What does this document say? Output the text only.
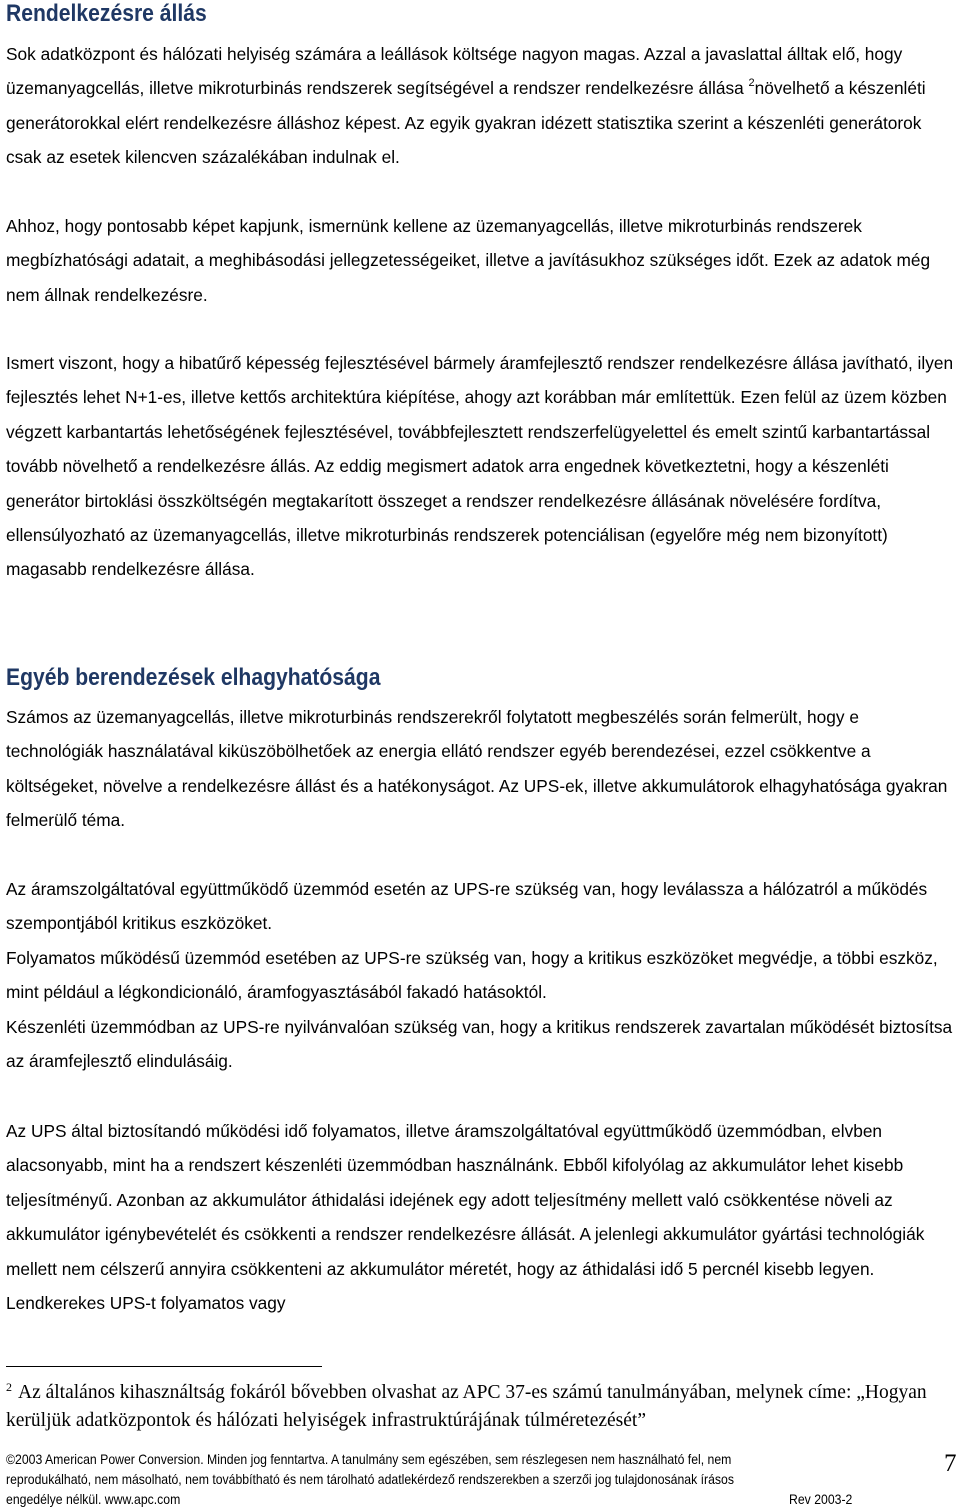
Rendelkezésre állás

Sok adatközpont és hálózati helyiség számára a leállások költsége nagyon magas. Azzal a javaslattal álltak elő, hogy üzemanyagcellás, illetve mikroturbinás rendszerek segítségével a rendszer rendelkezésre állása $^2$növelhető a készenléti generátorokkal elért rendelkezésre álláshoz képest. Az egyik gyakran idézett statisztika szerint a készenléti generátorok csak az esetek kilencven százalékában indulnak el.

Ahhoz, hogy pontosabb képet kapjunk, ismernünk kellene az üzemanyagcellás, illetve mikroturbinás rendszerek megbízhatósági adatait, a meghibásodási jellegzetességeiket, illetve a javításukhoz szükséges időt. Ezek az adatok még nem állnak rendelkezésre.

Ismert viszont, hogy a hibatűrő képesség fejlesztésével bármely áramfejlesztő rendszer rendelkezésre állása javítható, ilyen fejlesztés lehet N+1-es, illetve kettős architektúra kiépítése, ahogy azt korábban már említettük. Ezen felül az üzem közben végzett karbantartás lehetőségének fejlesztésével, továbbfejlesztett rendszerfelügyelettel és emelt szintű karbantartással tovább növelhető a rendelkezésre állás. Az eddig megismert adatok arra engednek következtetni, hogy a készenléti generátor birtoklási összköltségén megtakarított összeget a rendszer rendelkezésre állásának növelésére fordítva, ellensúlyozható az üzemanyagcellás, illetve mikroturbinás rendszerek potenciálisan (egyelőre még nem bizonyított) magasabb rendelkezésre állása.

Egyéb berendezések elhagyhatósága

Számos az üzemanyagcellás, illetve mikroturbinás rendszerekről folytatott megbeszélés során felmerült, hogy e technológiák használatával kiküszöbölhetőek az energia ellátó rendszer egyéb berendezései, ezzel csökkentve a költségeket, növelve a rendelkezésre állást és a hatékonyságot. Az UPS-ek, illetve akkumulátorok elhagyhatósága gyakran felmerülő téma.

Az áramszolgáltatóval együttműködő üzemmód esetén az UPS-re szükség van, hogy leválassza a hálózatról a működés szempontjából kritikus eszközöket.

Folyamatos működésű üzemmód esetében az UPS-re szükség van, hogy a kritikus eszközöket megvédje, a többi eszköz, mint például a légkondicionáló, áramfogyasztásából fakadó hatásoktól.

Készenléti üzemmódban az UPS-re nyilvánvalóan szükség van, hogy a kritikus rendszerek zavartalan működését biztosítsa az áramfejlesztő elindulásáig.

Az UPS által biztosítandó működési idő folyamatos, illetve áramszolgáltatóval együttműködő üzemmódban, elvben alacsonyabb, mint ha a rendszert készenléti üzemmódban használnánk. Ebből kifolyólag az akkumulátor lehet kisebb teljesítményű. Azonban az akkumulátor áthidalási idejének egy adott teljesítmény mellett való csökkentése növeli az akkumulátor igénybevételét és csökkenti a rendszer rendelkezésre állását. A jelenlegi akkumulátor gyártási technológiák mellett nem célszerű annyira csökkenteni az akkumulátor méretét, hogy az áthidalási idő 5 percnél kisebb legyen. Lendkerekes UPS-t folyamatos vagy

$^2$ Az általános kihasználtság fokáról bővebben olvashat az APC 37-es számú tanulmányában, melynek címe: „Hogyan kerüljük adatközpontok és hálózati helyiségek infrastruktúrájának túlméretezését”

©2003 American Power Conversion. Minden jog fenntartva. A tanulmány sem egészében, sem részlegesen nem használható fel, nem
reprodukálható, nem másolható, nem továbbítható és nem tárolható adatlekérdező rendszerekben a szerzői jog tulajdonosának írásos
engedélye nélkül. www.apc.com	Rev 2003-2
7
